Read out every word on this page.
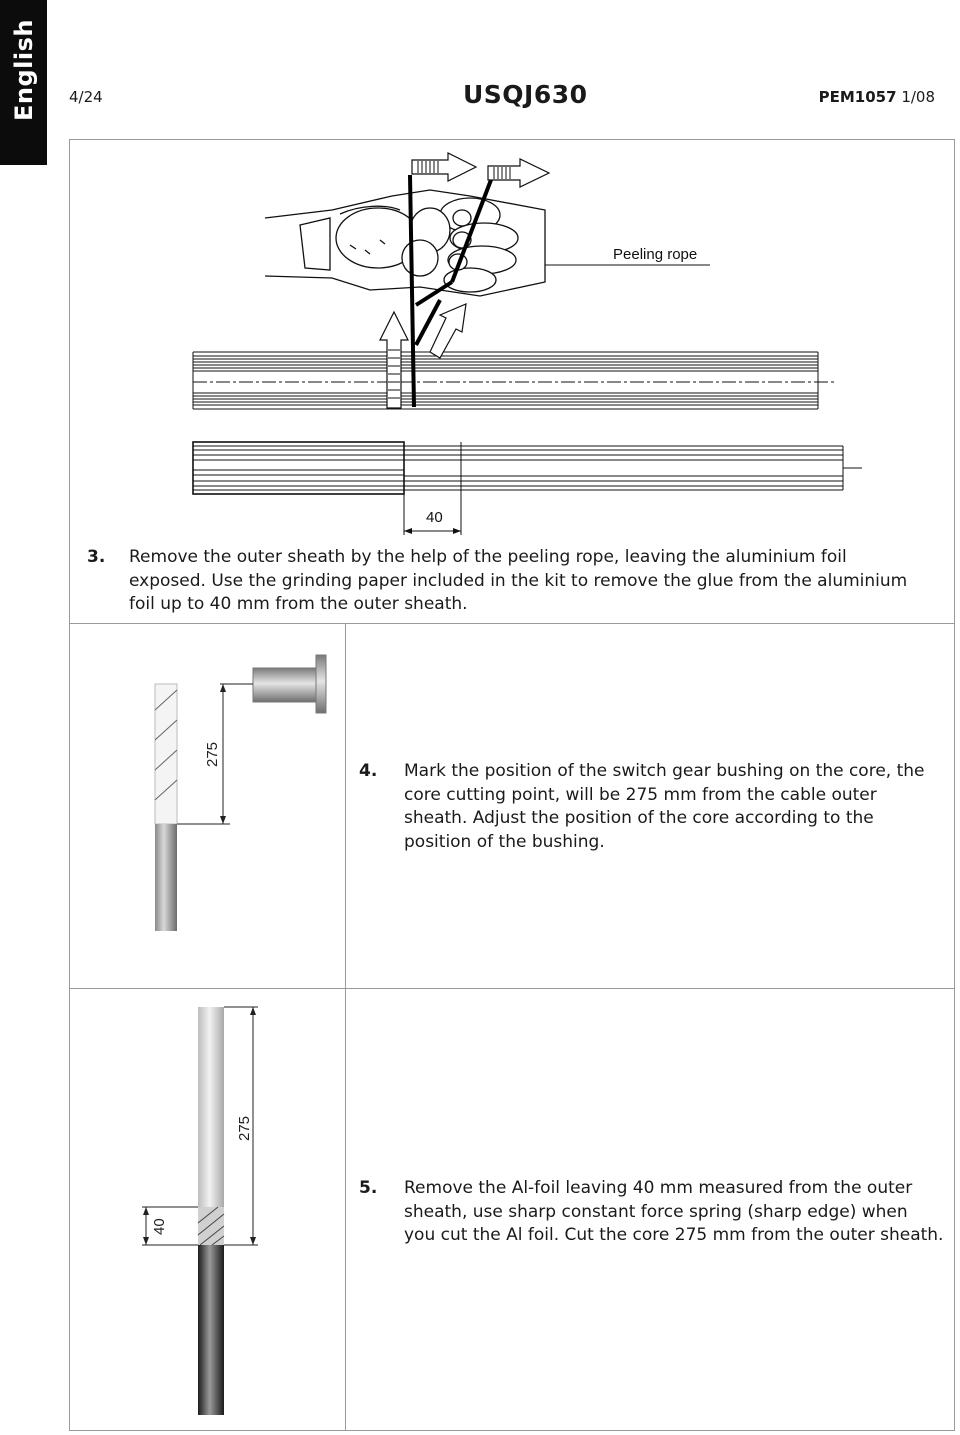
English 4/24	USQJ630	PEM1057 1/08
Peeling rope
40
3.	Remove the outer sheath by the help of the peeling rope, leaving the aluminium foil exposed. Use the grinding paper included in the kit to remove the glue from the aluminium foil up to 40 mm from the outer sheath.
275
4.	Mark the position of the switch gear bushing on the core, the core cutting point, will be 275 mm from the cable outer sheath. Adjust the position of the core according to the position of the bushing.
275
40
5.	Remove the Al-foil leaving 40 mm measured from the outer sheath, use sharp constant force spring (sharp edge) when you cut the Al foil. Cut the core 275 mm from the outer sheath.
